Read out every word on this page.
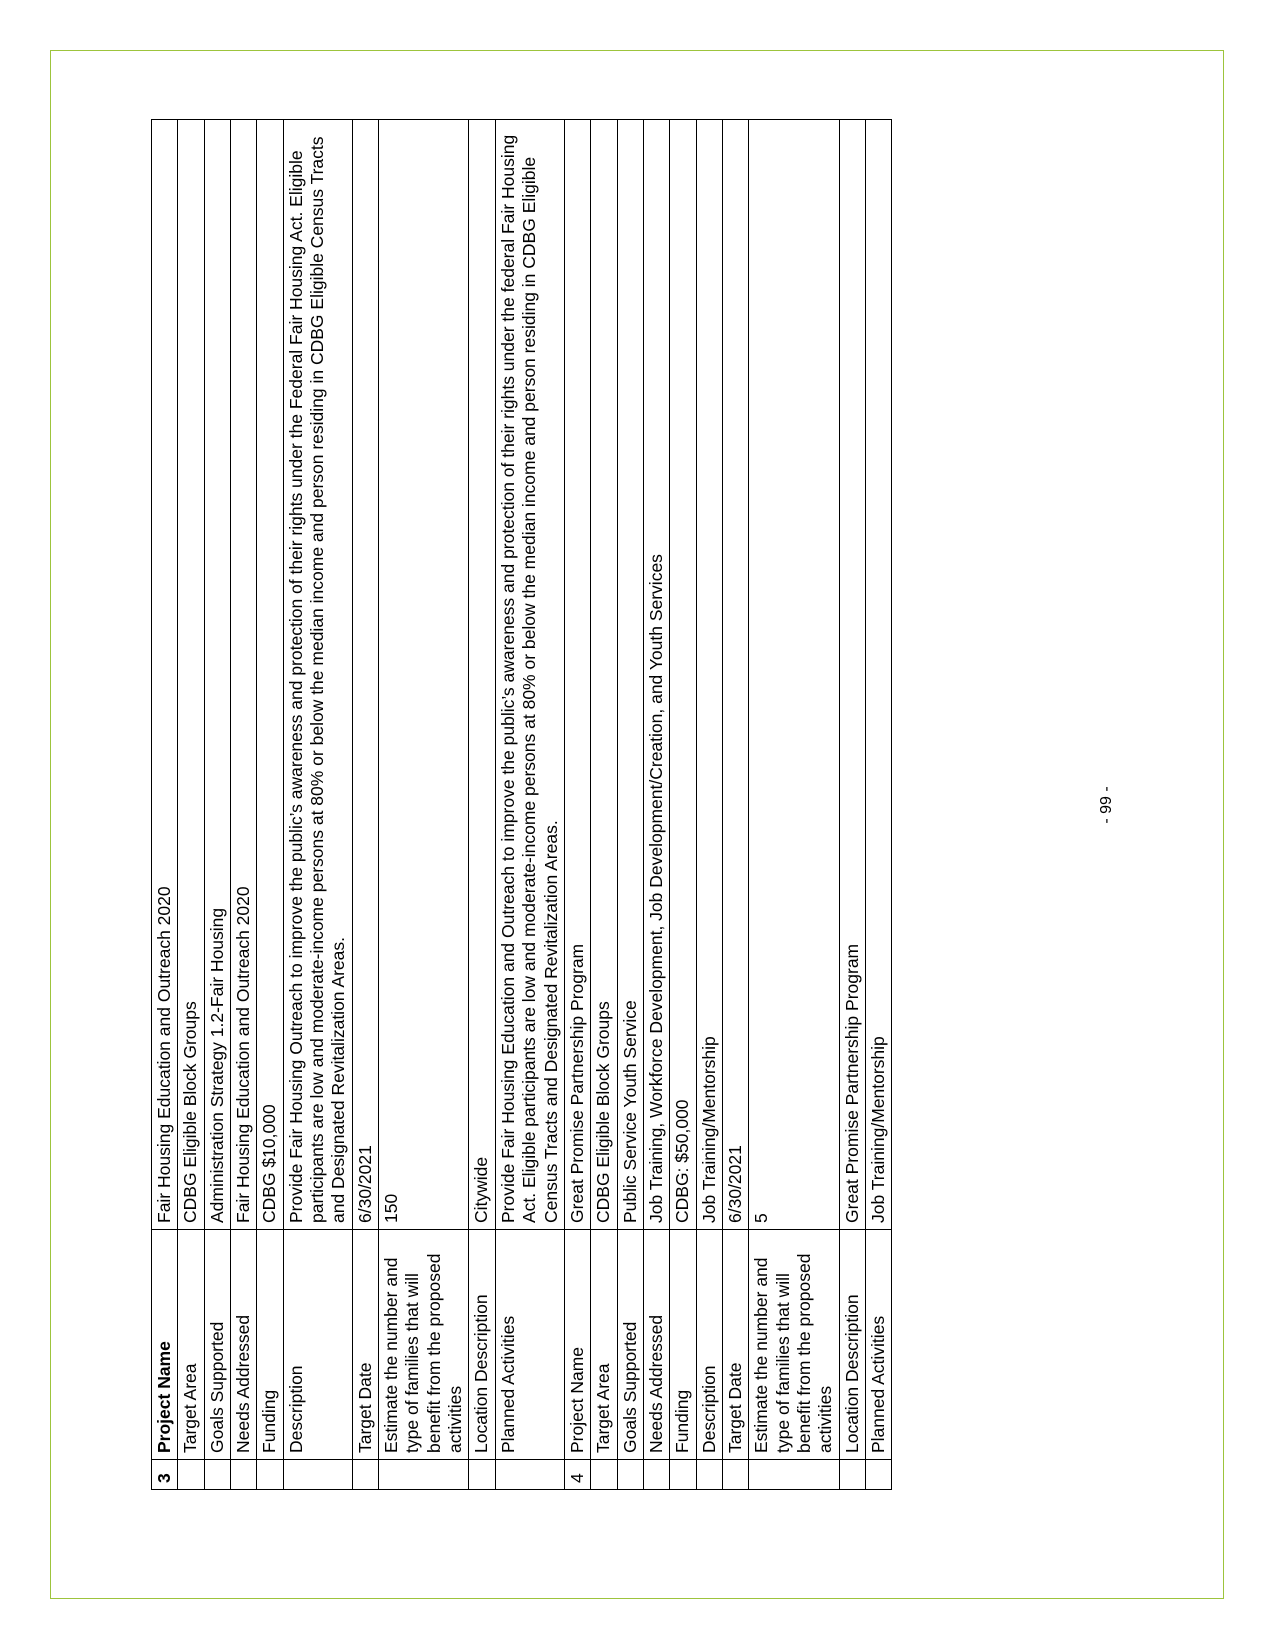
3	Project Name	Fair Housing Education and Outreach 2020
	Target Area	CDBG Eligible Block Groups
	Goals Supported	Administration Strategy 1.2-Fair Housing
	Needs Addressed	Fair Housing Education and Outreach 2020
	Funding	CDBG $10,000
	Description	Provide Fair Housing Outreach to improve the public’s awareness and protection of their rights under the Federal Fair Housing Act. Eligible participants are low and moderate-income persons at 80% or below the median income and person residing in CDBG Eligible Census Tracts and Designated Revitalization Areas.
	Target Date	6/30/2021
	Estimate the number and type of families that will benefit from the proposed activities	150
	Location Description	Citywide
	Planned Activities	Provide Fair Housing Education and Outreach to improve the public’s awareness and protection of their rights under the federal Fair Housing Act. Eligible participants are low and moderate-income persons at 80% or below the median income and person residing in CDBG Eligible Census Tracts and Designated Revitalization Areas.
4	Project Name	Great Promise Partnership Program
	Target Area	CDBG Eligible Block Groups
	Goals Supported	Public Service Youth Service
	Needs Addressed	Job Training, Workforce Development, Job Development/Creation, and Youth Services
	Funding	CDBG: $50,000
	Description	Job Training/Mentorship
	Target Date	6/30/2021
	Estimate the number and type of families that will benefit from the proposed activities	5
	Location Description	Great Promise Partnership Program
	Planned Activities	Job Training/Mentorship
- 99 -
